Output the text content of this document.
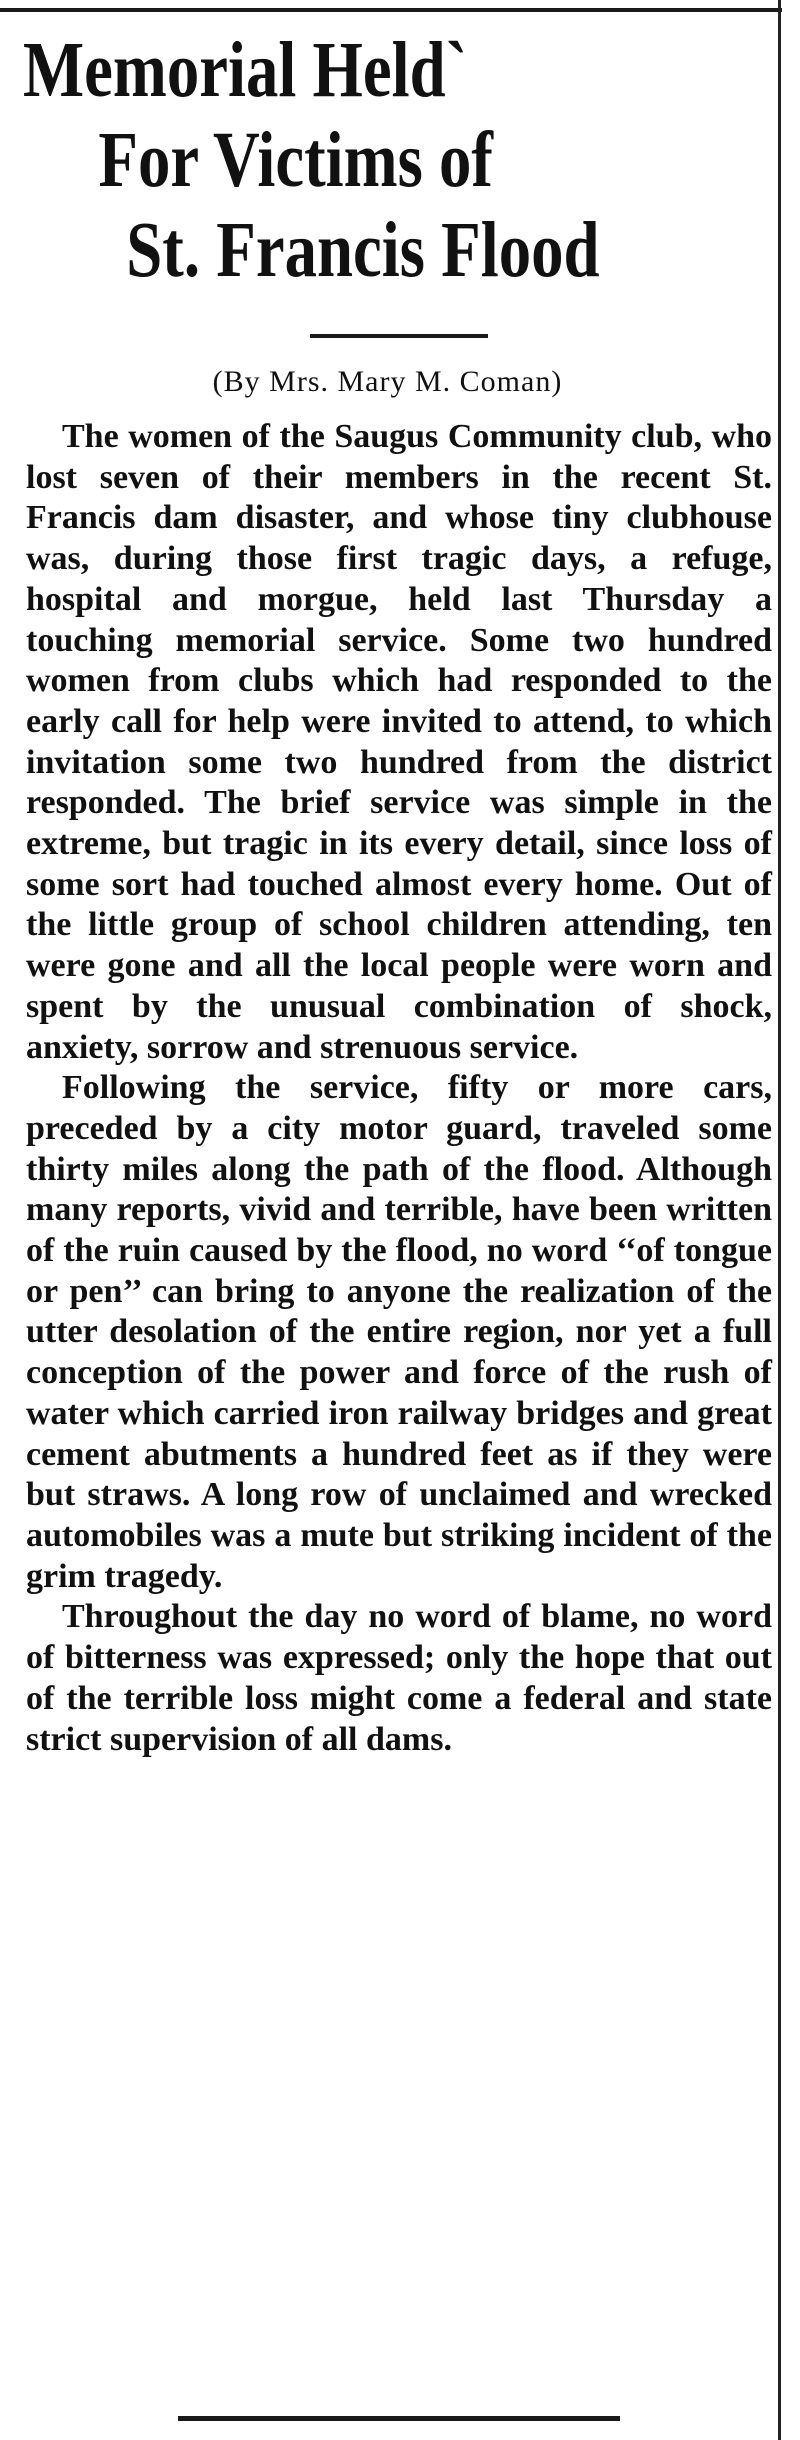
Memorial Held`
For Victims of
St. Francis Flood
(By Mrs. Mary M. Coman)

The women of the Saugus Community club, who lost seven of their members in the recent St. Francis dam disaster, and whose tiny clubhouse was, during those first tragic days, a refuge, hospital and morgue, held last Thursday a touching memorial service. Some two hundred women from clubs which had responded to the early call for help were invited to attend, to which invitation some two hundred from the district responded. The brief service was simple in the extreme, but tragic in its every detail, since loss of some sort had touched almost every home. Out of the little group of school children attending, ten were gone and all the local people were worn and spent by the unusual combination of shock, anxiety, sorrow and strenuous service.

Following the service, fifty or more cars, preceded by a city motor guard, traveled some thirty miles along the path of the flood. Although many reports, vivid and terrible, have been written of the ruin caused by the flood, no word ‘‘of tongue or pen’’ can bring to anyone the realization of the utter desolation of the entire region, nor yet a full conception of the power and force of the rush of water which carried iron railway bridges and great cement abutments a hundred feet as if they were but straws. A long row of unclaimed and wrecked automobiles was a mute but striking incident of the grim tragedy.

Throughout the day no word of blame, no word of bitterness was expressed; only the hope that out of the terrible loss might come a federal and state strict supervision of all dams.
